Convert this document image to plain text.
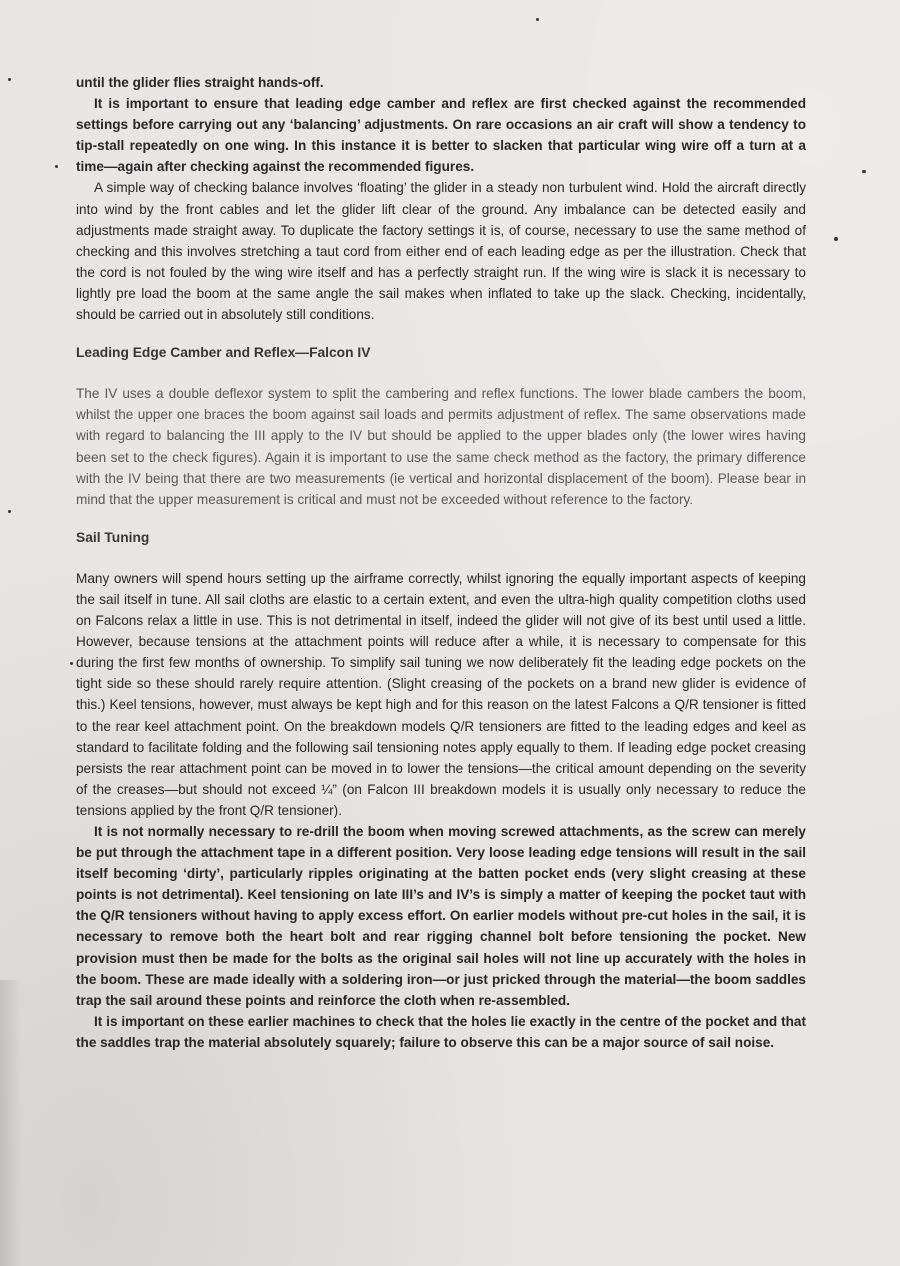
until the glider flies straight hands-off.

It is important to ensure that leading edge camber and reflex are first checked against the recommended settings before carrying out any ‘balancing’ adjustments. On rare occasions an air craft will show a tendency to tip-stall repeatedly on one wing. In this instance it is better to slacken that particular wing wire off a turn at a time—again after checking against the recommended figures.

A simple way of checking balance involves ‘floating’ the glider in a steady non turbulent wind. Hold the aircraft directly into wind by the front cables and let the glider lift clear of the ground. Any imbalance can be detected easily and adjustments made straight away. To duplicate the factory settings it is, of course, necessary to use the same method of checking and this involves stretching a taut cord from either end of each leading edge as per the illustration. Check that the cord is not fouled by the wing wire itself and has a perfectly straight run. If the wing wire is slack it is necessary to lightly pre load the boom at the same angle the sail makes when inflated to take up the slack. Checking, incidentally, should be carried out in absolutely still conditions.

Leading Edge Camber and Reflex—Falcon IV

The IV uses a double deflexor system to split the cambering and reflex functions. The lower blade cambers the boom, whilst the upper one braces the boom against sail loads and permits adjustment of reflex. The same observations made with regard to balancing the III apply to the IV but should be applied to the upper blades only (the lower wires having been set to the check figures). Again it is important to use the same check method as the factory, the primary difference with the IV being that there are two measurements (ie vertical and horizontal displacement of the boom). Please bear in mind that the upper measurement is critical and must not be exceeded without reference to the factory.

Sail Tuning

Many owners will spend hours setting up the airframe correctly, whilst ignoring the equally important aspects of keeping the sail itself in tune. All sail cloths are elastic to a certain extent, and even the ultra-high quality competition cloths used on Falcons relax a little in use. This is not detrimental in itself, indeed the glider will not give of its best until used a little. However, because tensions at the attachment points will reduce after a while, it is necessary to compensate for this during the first few months of ownership. To simplify sail tuning we now deliberately fit the leading edge pockets on the tight side so these should rarely require attention. (Slight creasing of the pockets on a brand new glider is evidence of this.) Keel tensions, however, must always be kept high and for this reason on the latest Falcons a Q/R tensioner is fitted to the rear keel attachment point. On the breakdown models Q/R tensioners are fitted to the leading edges and keel as standard to facilitate folding and the following sail tensioning notes apply equally to them. If leading edge pocket creasing persists the rear attachment point can be moved in to lower the tensions—the critical amount depending on the severity of the creases—but should not exceed ¼” (on Falcon III breakdown models it is usually only necessary to reduce the tensions applied by the front Q/R tensioner).

It is not normally necessary to re-drill the boom when moving screwed attachments, as the screw can merely be put through the attachment tape in a different position. Very loose leading edge tensions will result in the sail itself becoming ‘dirty’, particularly ripples originating at the batten pocket ends (very slight creasing at these points is not detrimental). Keel tensioning on late III’s and IV’s is simply a matter of keeping the pocket taut with the Q/R tensioners without having to apply excess effort. On earlier models without pre-cut holes in the sail, it is necessary to remove both the heart bolt and rear rigging channel bolt before tensioning the pocket. New provision must then be made for the bolts as the original sail holes will not line up accurately with the holes in the boom. These are made ideally with a soldering iron—or just pricked through the material—the boom saddles trap the sail around these points and reinforce the cloth when re-assembled.

It is important on these earlier machines to check that the holes lie exactly in the centre of the pocket and that the saddles trap the material absolutely squarely; failure to observe this can be a major source of sail noise.
